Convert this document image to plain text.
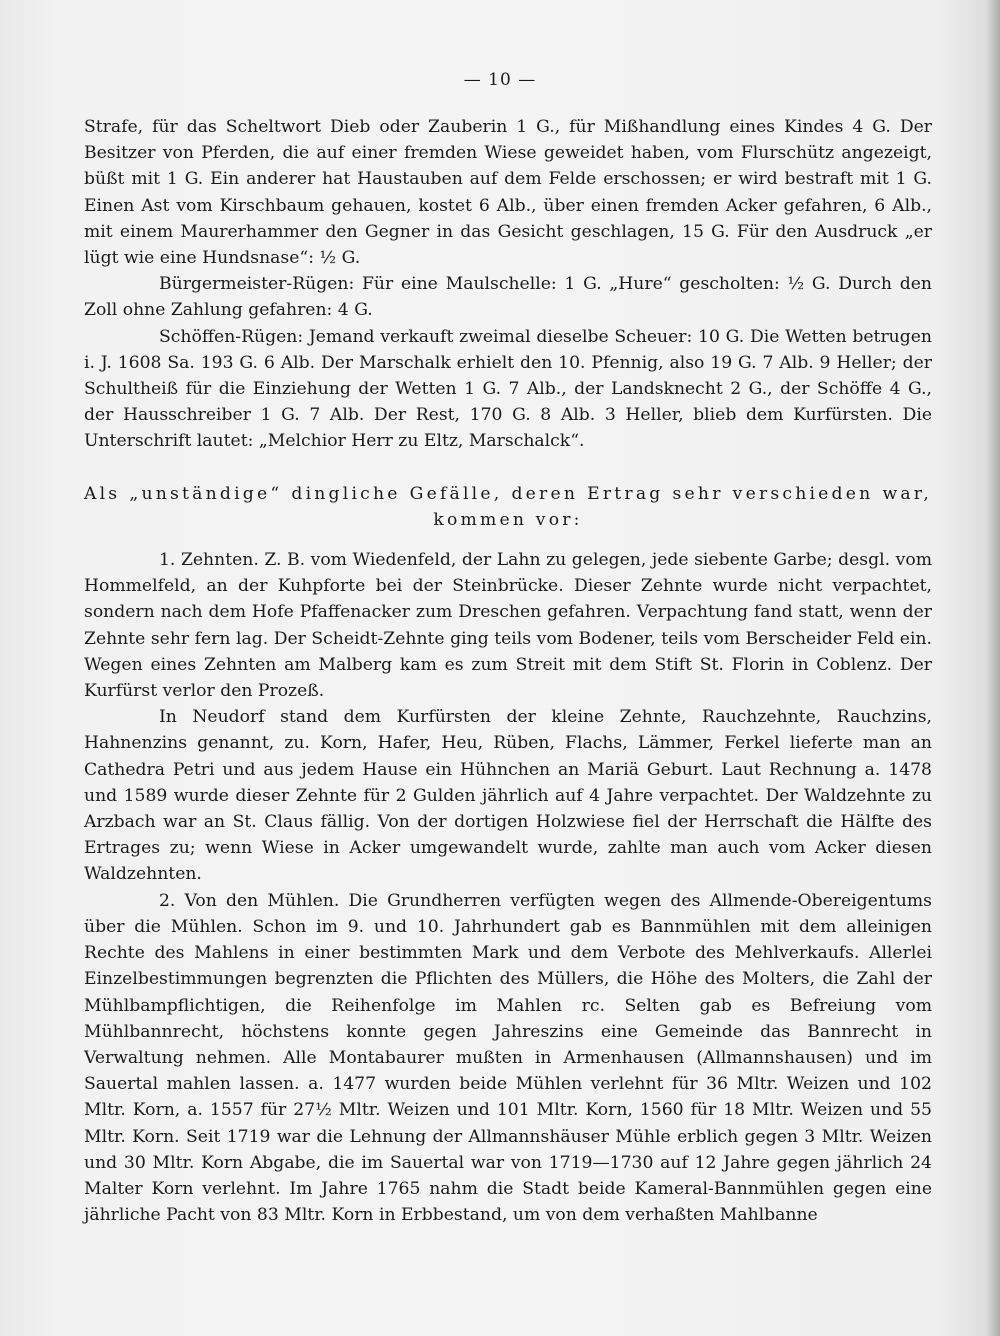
— 10 —

Strafe, für das Scheltwort Dieb oder Zauberin 1 G., für Mißhandlung eines Kindes 4 G. Der Besitzer von Pferden, die auf einer fremden Wiese geweidet haben, vom Flurschütz angezeigt, büßt mit 1 G. Ein anderer hat Haustauben auf dem Felde erschossen; er wird bestraft mit 1 G. Einen Ast vom Kirschbaum gehauen, kostet 6 Alb., über einen fremden Acker gefahren, 6 Alb., mit einem Maurerhammer den Gegner in das Gesicht geschlagen, 15 G. Für den Ausdruck „er lügt wie eine Hundsnase“: ½ G.

Bürgermeister-Rügen: Für eine Maulschelle: 1 G. „Hure“ gescholten: ½ G. Durch den Zoll ohne Zahlung gefahren: 4 G.

Schöffen-Rügen: Jemand verkauft zweimal dieselbe Scheuer: 10 G. Die Wetten betrugen i. J. 1608 Sa. 193 G. 6 Alb. Der Marschalk erhielt den 10. Pfennig, also 19 G. 7 Alb. 9 Heller; der Schultheiß für die Einziehung der Wetten 1 G. 7 Alb., der Landsknecht 2 G., der Schöffe 4 G., der Hausschreiber 1 G. 7 Alb. Der Rest, 170 G. 8 Alb. 3 Heller, blieb dem Kurfürsten. Die Unterschrift lautet: „Melchior Herr zu Eltz, Marschalck“.

Als „unständige“ dingliche Gefälle, deren Ertrag sehr verschieden war,
kommen vor:

1. Zehnten. Z. B. vom Wiedenfeld, der Lahn zu gelegen, jede siebente Garbe; desgl. vom Hommelfeld, an der Kuhpforte bei der Steinbrücke. Dieser Zehnte wurde nicht verpachtet, sondern nach dem Hofe Pfaffenacker zum Dreschen gefahren. Verpachtung fand statt, wenn der Zehnte sehr fern lag. Der Scheidt-Zehnte ging teils vom Bodener, teils vom Berscheider Feld ein. Wegen eines Zehnten am Malberg kam es zum Streit mit dem Stift St. Florin in Coblenz. Der Kurfürst verlor den Prozeß.

In Neudorf stand dem Kurfürsten der kleine Zehnte, Rauchzehnte, Rauchzins, Hahnenzins genannt, zu. Korn, Hafer, Heu, Rüben, Flachs, Lämmer, Ferkel lieferte man an Cathedra Petri und aus jedem Hause ein Hühnchen an Mariä Geburt. Laut Rechnung a. 1478 und 1589 wurde dieser Zehnte für 2 Gulden jährlich auf 4 Jahre verpachtet. Der Waldzehnte zu Arzbach war an St. Claus fällig. Von der dortigen Holzwiese fiel der Herrschaft die Hälfte des Ertrages zu; wenn Wiese in Acker umgewandelt wurde, zahlte man auch vom Acker diesen Waldzehnten.

2. Von den Mühlen. Die Grundherren verfügten wegen des Allmende-Obereigentums über die Mühlen. Schon im 9. und 10. Jahrhundert gab es Bannmühlen mit dem alleinigen Rechte des Mahlens in einer bestimmten Mark und dem Verbote des Mehlverkaufs. Allerlei Einzelbestimmungen begrenzten die Pflichten des Müllers, die Höhe des Molters, die Zahl der Mühlbampflichtigen, die Reihenfolge im Mahlen rc. Selten gab es Befreiung vom Mühlbannrecht, höchstens konnte gegen Jahreszins eine Gemeinde das Bannrecht in Verwaltung nehmen. Alle Montabaurer mußten in Armenhausen (Allmannshausen) und im Sauertal mahlen lassen. a. 1477 wurden beide Mühlen verlehnt für 36 Mltr. Weizen und 102 Mltr. Korn, a. 1557 für 27½ Mltr. Weizen und 101 Mltr. Korn, 1560 für 18 Mltr. Weizen und 55 Mltr. Korn. Seit 1719 war die Lehnung der Allmannshäuser Mühle erblich gegen 3 Mltr. Weizen und 30 Mltr. Korn Abgabe, die im Sauertal war von 1719—1730 auf 12 Jahre gegen jährlich 24 Malter Korn verlehnt. Im Jahre 1765 nahm die Stadt beide Kameral-Bannmühlen gegen eine jährliche Pacht von 83 Mltr. Korn in Erbbestand, um von dem verhaßten Mahlbanne
